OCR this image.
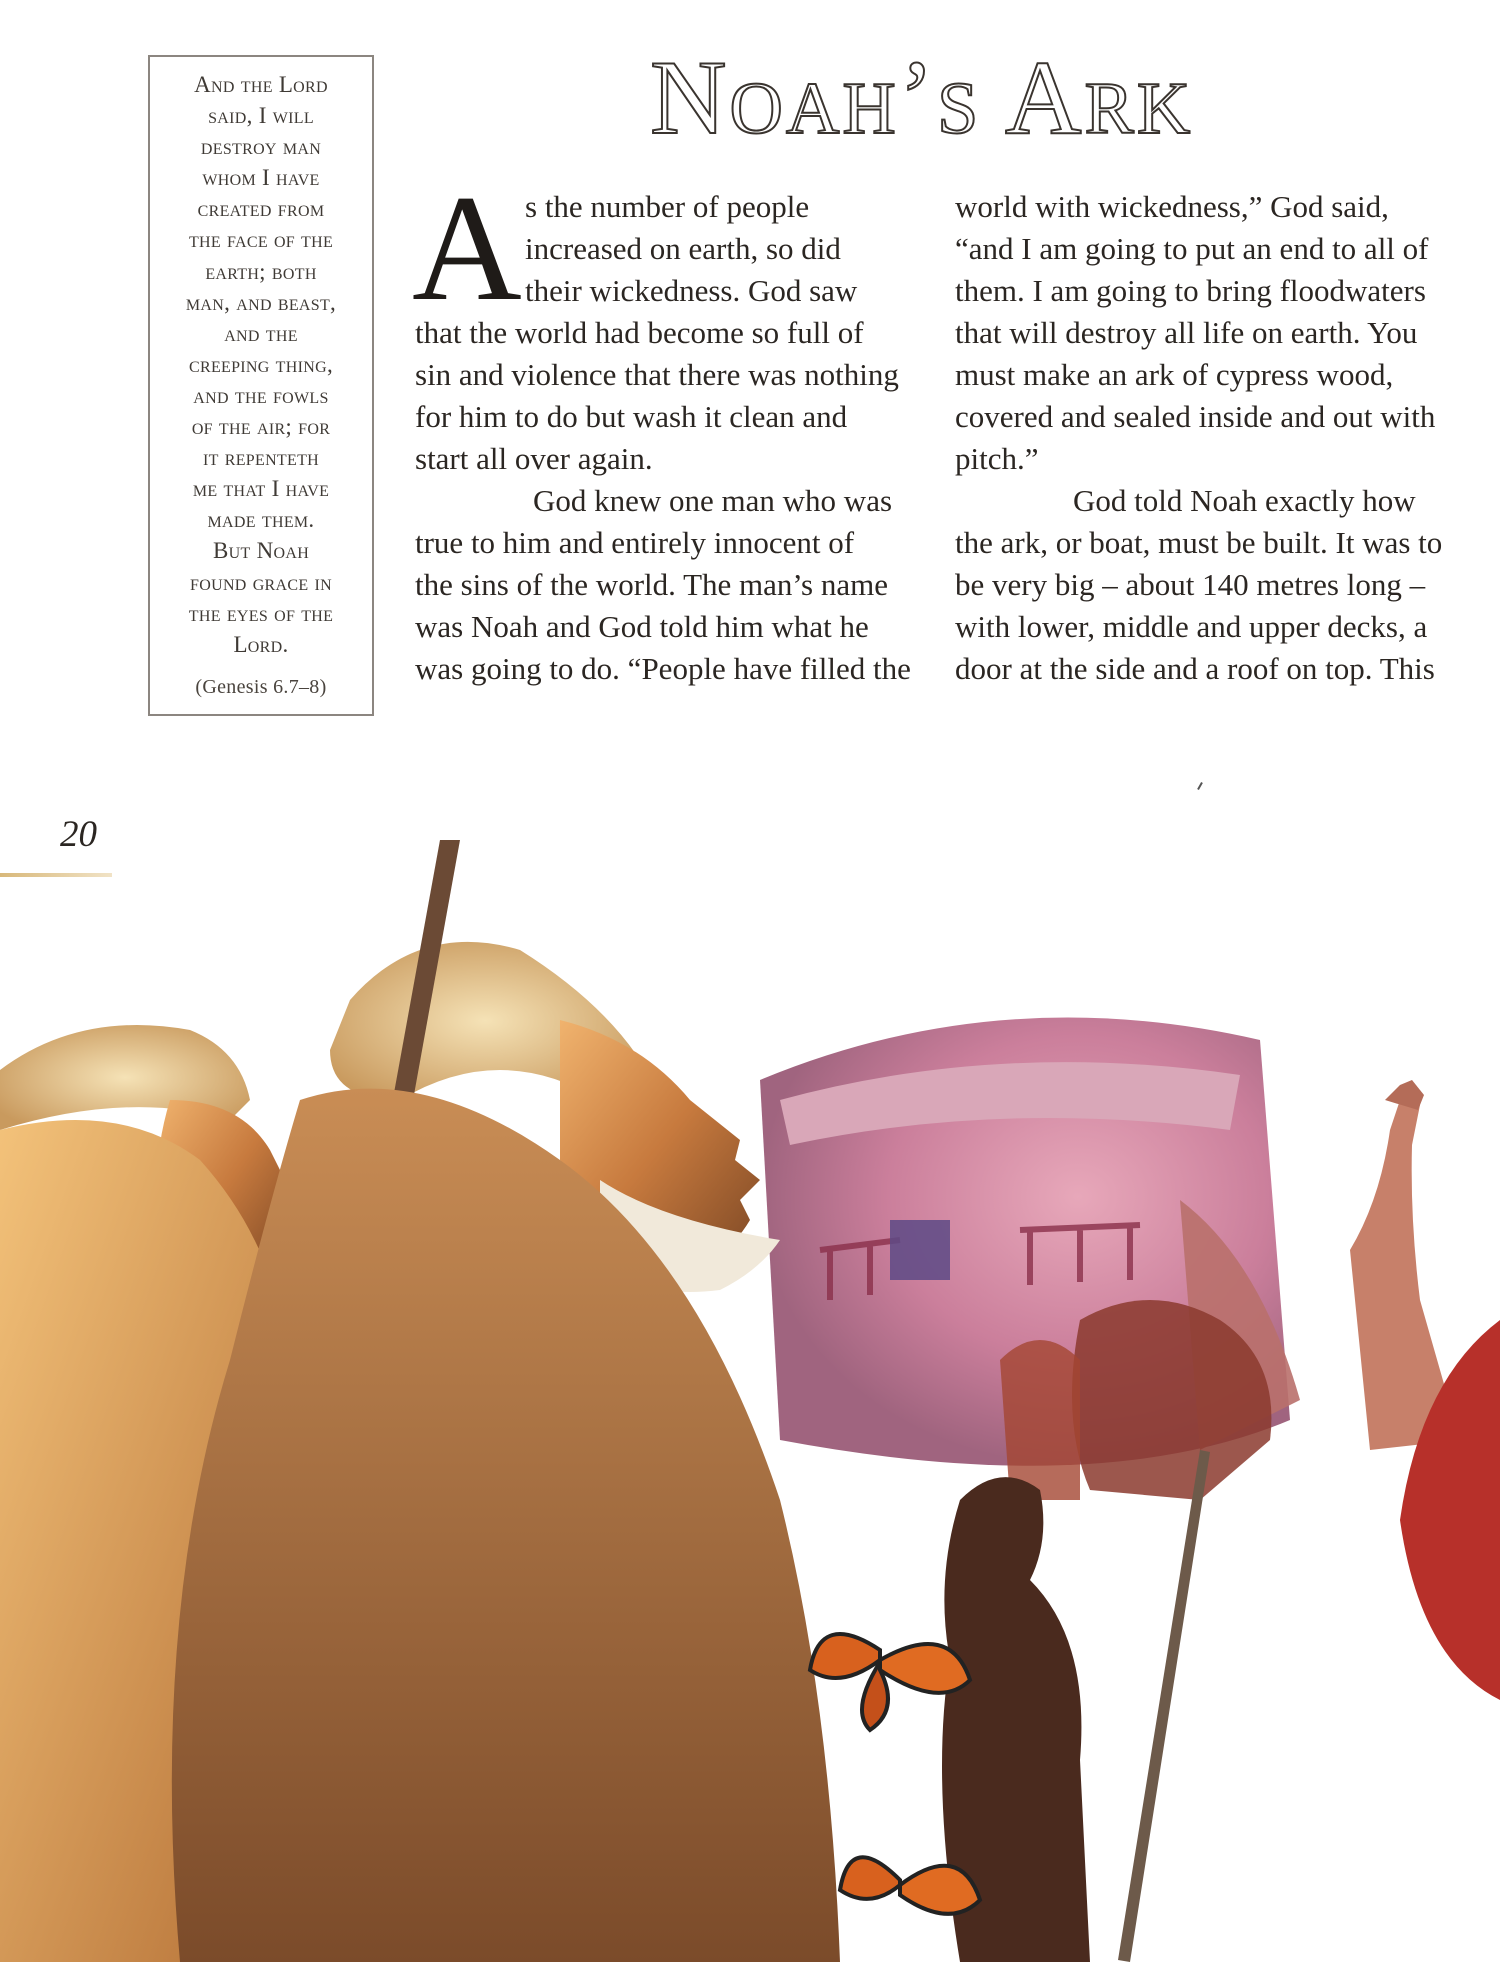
And the Lord
said, I will
destroy man
whom I have
created from
the face of the
earth; both
man, and beast,
and the
creeping thing,
and the fowls
of the air; for
it repenteth
me that I have
made them.
But Noah
found grace in
the eyes of the
Lord.
(Genesis 6.7–8)
Noah’s Ark
A s the number of people
increased on earth, so did
their wickedness. God saw
that the world had become so full of
sin and violence that there was nothing
for him to do but wash it clean and
start all over again.
God knew one man who was
true to him and entirely innocent of
the sins of the world. The man’s name
was Noah and God told him what he
was going to do. “People have filled the
world with wickedness,” God said,
“and I am going to put an end to all of
them. I am going to bring floodwaters
that will destroy all life on earth. You
must make an ark of cypress wood,
covered and sealed inside and out with
pitch.”
God told Noah exactly how
the ark, or boat, must be built. It was to
be very big – about 140 metres long –
with lower, middle and upper decks, a
door at the side and a roof on top. This
20
